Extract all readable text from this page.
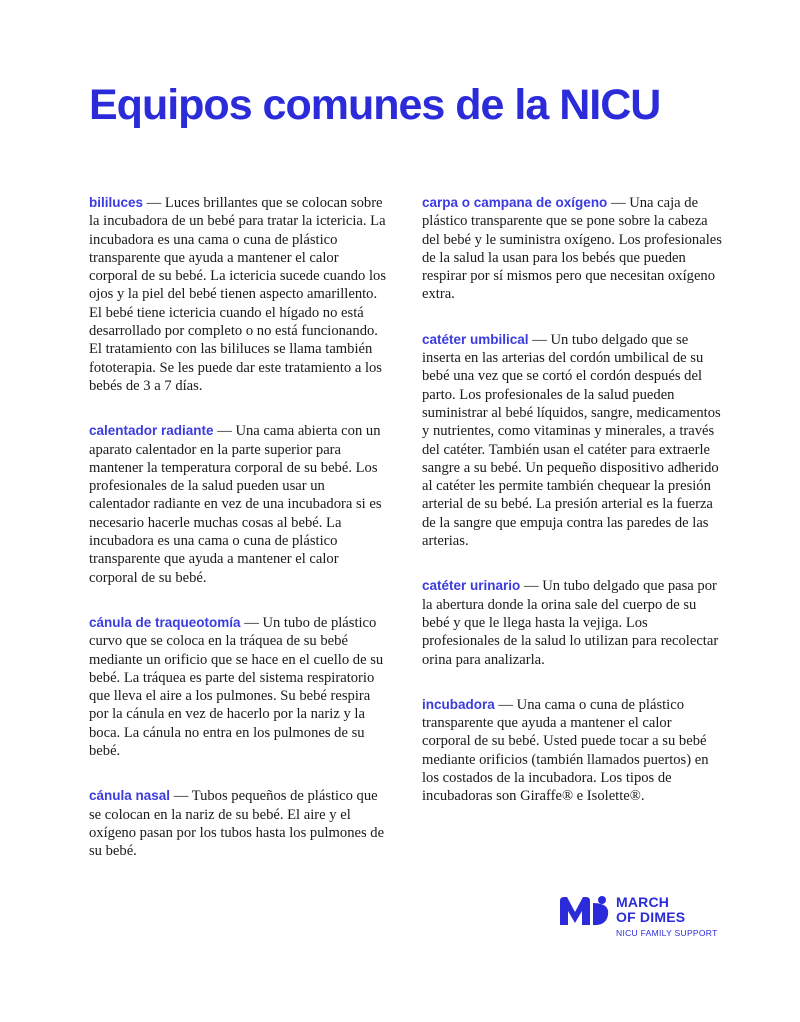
Equipos comunes de la NICU

bililuces — Luces brillantes que se colocan sobre la incubadora de un bebé para tratar la ictericia. La incubadora es una cama o cuna de plástico transparente que ayuda a mantener el calor corporal de su bebé. La ictericia sucede cuando los ojos y la piel del bebé tienen aspecto amarillento. El bebé tiene ictericia cuando el hígado no está desarrollado por completo o no está funcionando. El tratamiento con las bililuces se llama también fototerapia. Se les puede dar este tratamiento a los bebés de 3 a 7 días.

calentador radiante — Una cama abierta con un aparato calentador en la parte superior para mantener la temperatura corporal de su bebé. Los profesionales de la salud pueden usar un calentador radiante en vez de una incubadora si es necesario hacerle muchas cosas al bebé. La incubadora es una cama o cuna de plástico transparente que ayuda a mantener el calor corporal de su bebé.

cánula de traqueotomía — Un tubo de plástico curvo que se coloca en la tráquea de su bebé mediante un orificio que se hace en el cuello de su bebé. La tráquea es parte del sistema respiratorio que lleva el aire a los pulmones. Su bebé respira por la cánula en vez de hacerlo por la nariz y la boca. La cánula no entra en los pulmones de su bebé.

cánula nasal — Tubos pequeños de plástico que se colocan en la nariz de su bebé. El aire y el oxígeno pasan por los tubos hasta los pulmones de su bebé.

carpa o campana de oxígeno — Una caja de plástico transparente que se pone sobre la cabeza del bebé y le suministra oxígeno. Los profesionales de la salud la usan para los bebés que pueden respirar por sí mismos pero que necesitan oxígeno extra.

catéter umbilical — Un tubo delgado que se inserta en las arterias del cordón umbilical de su bebé una vez que se cortó el cordón después del parto. Los profesionales de la salud pueden suministrar al bebé líquidos, sangre, medicamentos y nutrientes, como vitaminas y minerales, a través del catéter. También usan el catéter para extraerle sangre a su bebé. Un pequeño dispositivo adherido al catéter les permite también chequear la presión arterial de su bebé. La presión arterial es la fuerza de la sangre que empuja contra las paredes de las arterias.

catéter urinario — Un tubo delgado que pasa por la abertura donde la orina sale del cuerpo de su bebé y que le llega hasta la vejiga. Los profesionales de la salud lo utilizan para recolectar orina para analizarla.

incubadora — Una cama o cuna de plástico transparente que ayuda a mantener el calor corporal de su bebé. Usted puede tocar a su bebé mediante orificios (también llamados puertos) en los costados de la incubadora. Los tipos de incubadoras son Giraffe® e Isolette®.

MARCH
OF DIMES
NICU FAMILY SUPPORT
